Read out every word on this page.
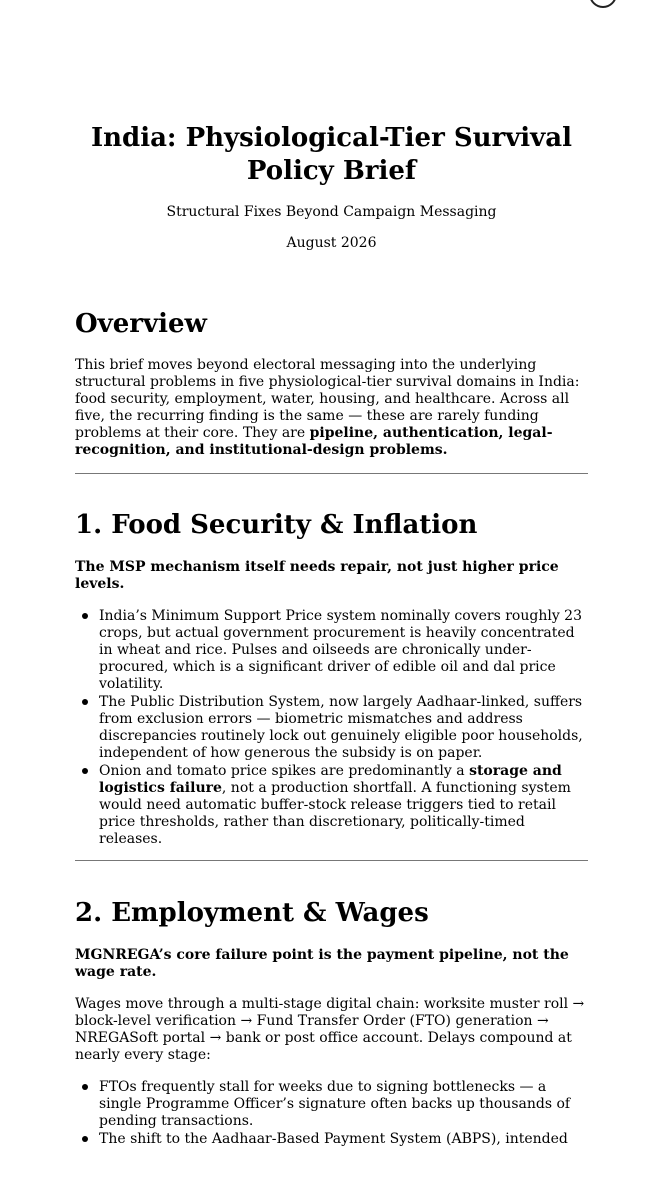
India: Physiological-Tier Survival Policy Brief

Structural Fixes Beyond Campaign Messaging

August 2026

Overview

This brief moves beyond electoral messaging into the underlying structural problems in five physiological-tier survival domains in India: food security, employment, water, housing, and healthcare. Across all five, the recurring finding is the same — these are rarely funding problems at their core. They are pipeline, authentication, legal-recognition, and institutional-design problems.

1. Food Security & Inflation

The MSP mechanism itself needs repair, not just higher price levels.

India’s Minimum Support Price system nominally covers roughly 23 crops, but actual government procurement is heavily concentrated in wheat and rice. Pulses and oilseeds are chronically under-procured, which is a significant driver of edible oil and dal price volatility.
The Public Distribution System, now largely Aadhaar-linked, suffers from exclusion errors — biometric mismatches and address discrepancies routinely lock out genuinely eligible poor households, independent of how generous the subsidy is on paper.
Onion and tomato price spikes are predominantly a storage and logistics failure, not a production shortfall. A functioning system would need automatic buffer-stock release triggers tied to retail price thresholds, rather than discretionary, politically-timed releases.
2. Employment & Wages

MGNREGA’s core failure point is the payment pipeline, not the wage rate.

Wages move through a multi-stage digital chain: worksite muster roll → block-level verification → Fund Transfer Order (FTO) generation → NREGASoft portal → bank or post office account. Delays compound at nearly every stage:

FTOs frequently stall for weeks due to signing bottlenecks — a single Programme Officer’s signature often backs up thousands of pending transactions.
The shift to the Aadhaar-Based Payment System (ABPS), intended
